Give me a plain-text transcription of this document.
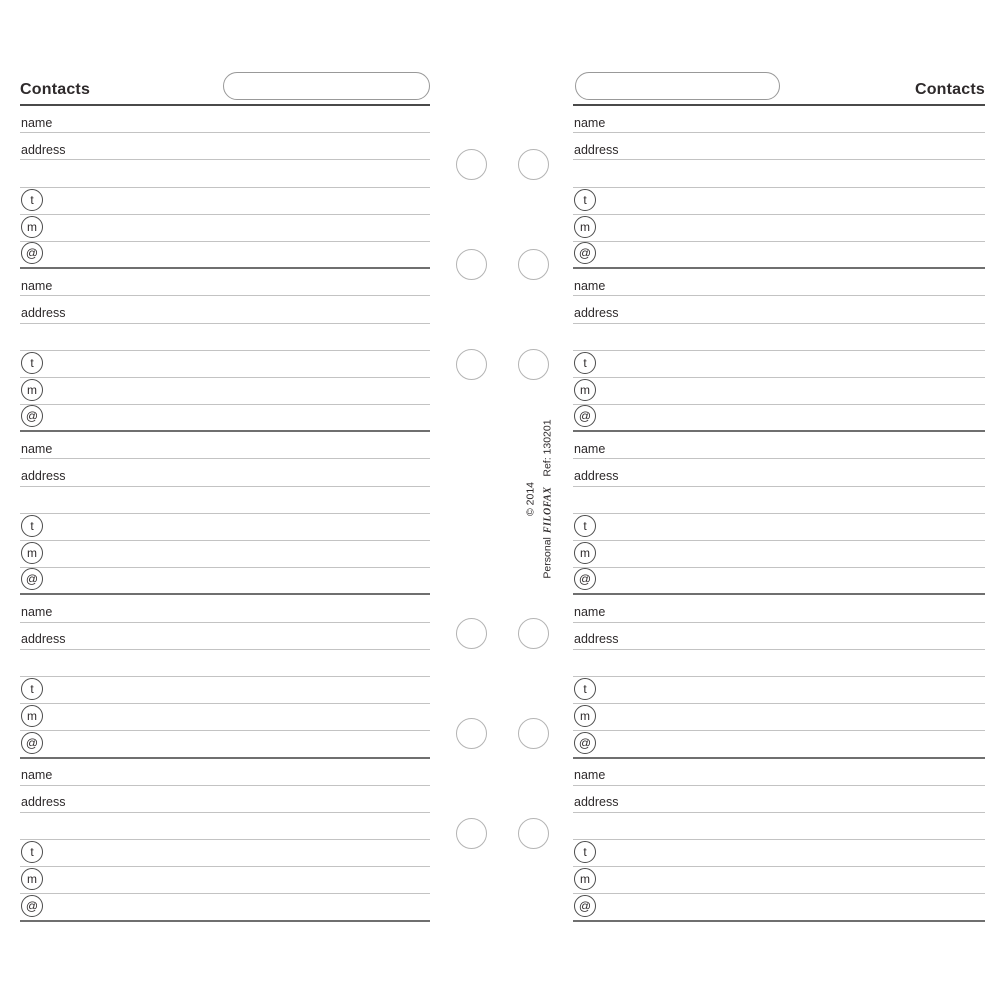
Contacts
name
address
t
m
@
name
address
t
m
@
name
address
t
m
@
name
address
t
m
@
name
address
t
m
@
© 2014
PersonalfilofaxRef: 130201
Contacts
name
address
t
m
@
name
address
t
m
@
name
address
t
m
@
name
address
t
m
@
name
address
t
m
@
